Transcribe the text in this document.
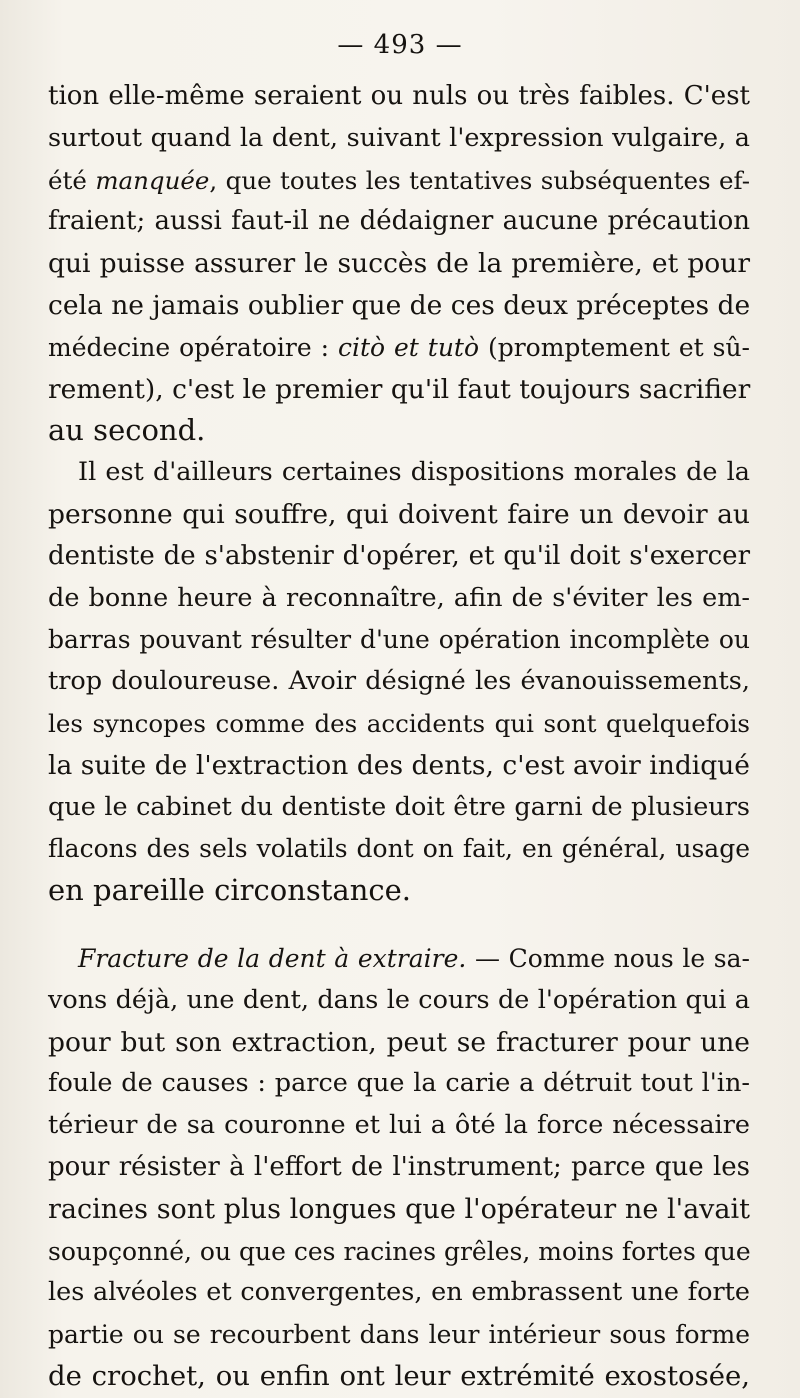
— 493 —
tion elle-même seraient ou nuls ou très faibles. C'est
surtout quand la dent, suivant l'expression vulgaire, a
été manquée, que toutes les tentatives subséquentes ef-
fraient; aussi faut-il ne dédaigner aucune précaution
qui puisse assurer le succès de la première, et pour
cela ne jamais oublier que de ces deux préceptes de
médecine opératoire : citò et tutò (promptement et sû-
rement), c'est le premier qu'il faut toujours sacrifier
au second.
Il est d'ailleurs certaines dispositions morales de la
personne qui souffre, qui doivent faire un devoir au
dentiste de s'abstenir d'opérer, et qu'il doit s'exercer
de bonne heure à reconnaître, afin de s'éviter les em-
barras pouvant résulter d'une opération incomplète ou
trop douloureuse. Avoir désigné les évanouissements,
les syncopes comme des accidents qui sont quelquefois
la suite de l'extraction des dents, c'est avoir indiqué
que le cabinet du dentiste doit être garni de plusieurs
flacons des sels volatils dont on fait, en général, usage
en pareille circonstance.
Fracture de la dent à extraire. — Comme nous le sa-
vons déjà, une dent, dans le cours de l'opération qui a
pour but son extraction, peut se fracturer pour une
foule de causes : parce que la carie a détruit tout l'in-
térieur de sa couronne et lui a ôté la force nécessaire
pour résister à l'effort de l'instrument; parce que les
racines sont plus longues que l'opérateur ne l'avait
soupçonné, ou que ces racines grêles, moins fortes que
les alvéoles et convergentes, en embrassent une forte
partie ou se recourbent dans leur intérieur sous forme
de crochet, ou enfin ont leur extrémité exostosée,
